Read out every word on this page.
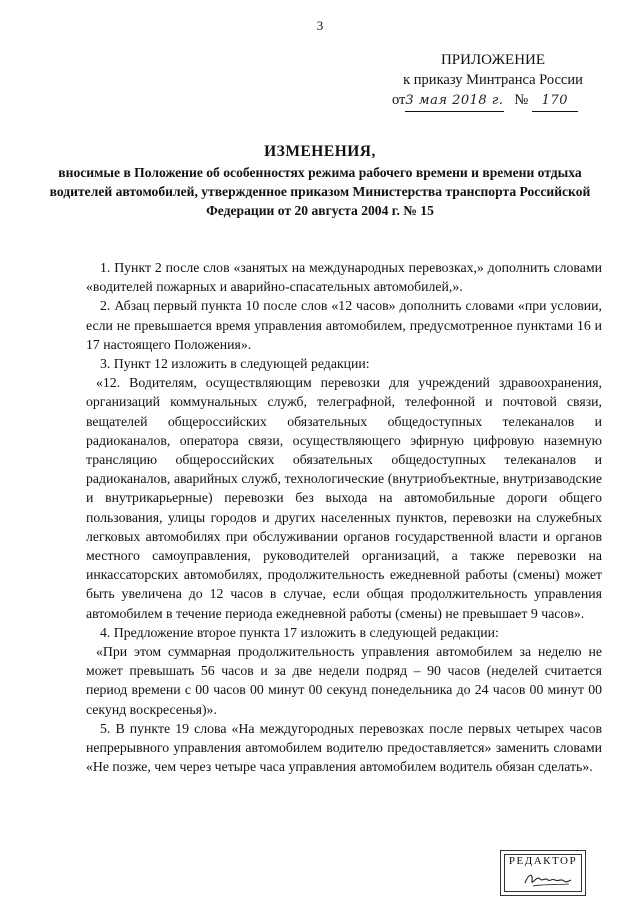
3
ПРИЛОЖЕНИЕ
к приказу Минтранса России
от3 мая 2018 г. № 170
ИЗМЕНЕНИЯ,
вносимые в Положение об особенностях режима рабочего времени и времени отдыха водителей автомобилей, утвержденное приказом Министерства транспорта Российской Федерации от 20 августа 2004 г. № 15

1. Пункт 2 после слов «занятых на международных перевозках,» дополнить словами «водителей пожарных и аварийно-спасательных автомобилей,».

2. Абзац первый пункта 10 после слов «12 часов» дополнить словами «при условии, если не превышается время управления автомобилем, предусмотренное пунктами 16 и 17 настоящего Положения».

3. Пункт 12 изложить в следующей редакции:

«12. Водителям, осуществляющим перевозки для учреждений здравоохранения, организаций коммунальных служб, телеграфной, телефонной и почтовой связи, вещателей общероссийских обязательных общедоступных телеканалов и радиоканалов, оператора связи, осуществляющего эфирную цифровую наземную трансляцию общероссийских обязательных общедоступных телеканалов и радиоканалов, аварийных служб, технологические (внутриобъектные, внутризаводские и внутрикарьерные) перевозки без выхода на автомобильные дороги общего пользования, улицы городов и других населенных пунктов, перевозки на служебных легковых автомобилях при обслуживании органов государственной власти и органов местного самоуправления, руководителей организаций, а также перевозки на инкассаторских автомобилях, продолжительность ежедневной работы (смены) может быть увеличена до 12 часов в случае, если общая продолжительность управления автомобилем в течение периода ежедневной работы (смены) не превышает 9 часов».

4. Предложение второе пункта 17 изложить в следующей редакции:

«При этом суммарная продолжительность управления автомобилем за неделю не может превышать 56 часов и за две недели подряд – 90 часов (неделей считается период времени с 00 часов 00 минут 00 секунд понедельника до 24 часов 00 минут 00 секунд воскресенья)».

5. В пункте 19 слова «На междугородных перевозках после первых четырех часов непрерывного управления автомобилем водителю предоставляется» заменить словами «Не позже, чем через четыре часа управления автомобилем водитель обязан сделать».

РЕДАКТОР
